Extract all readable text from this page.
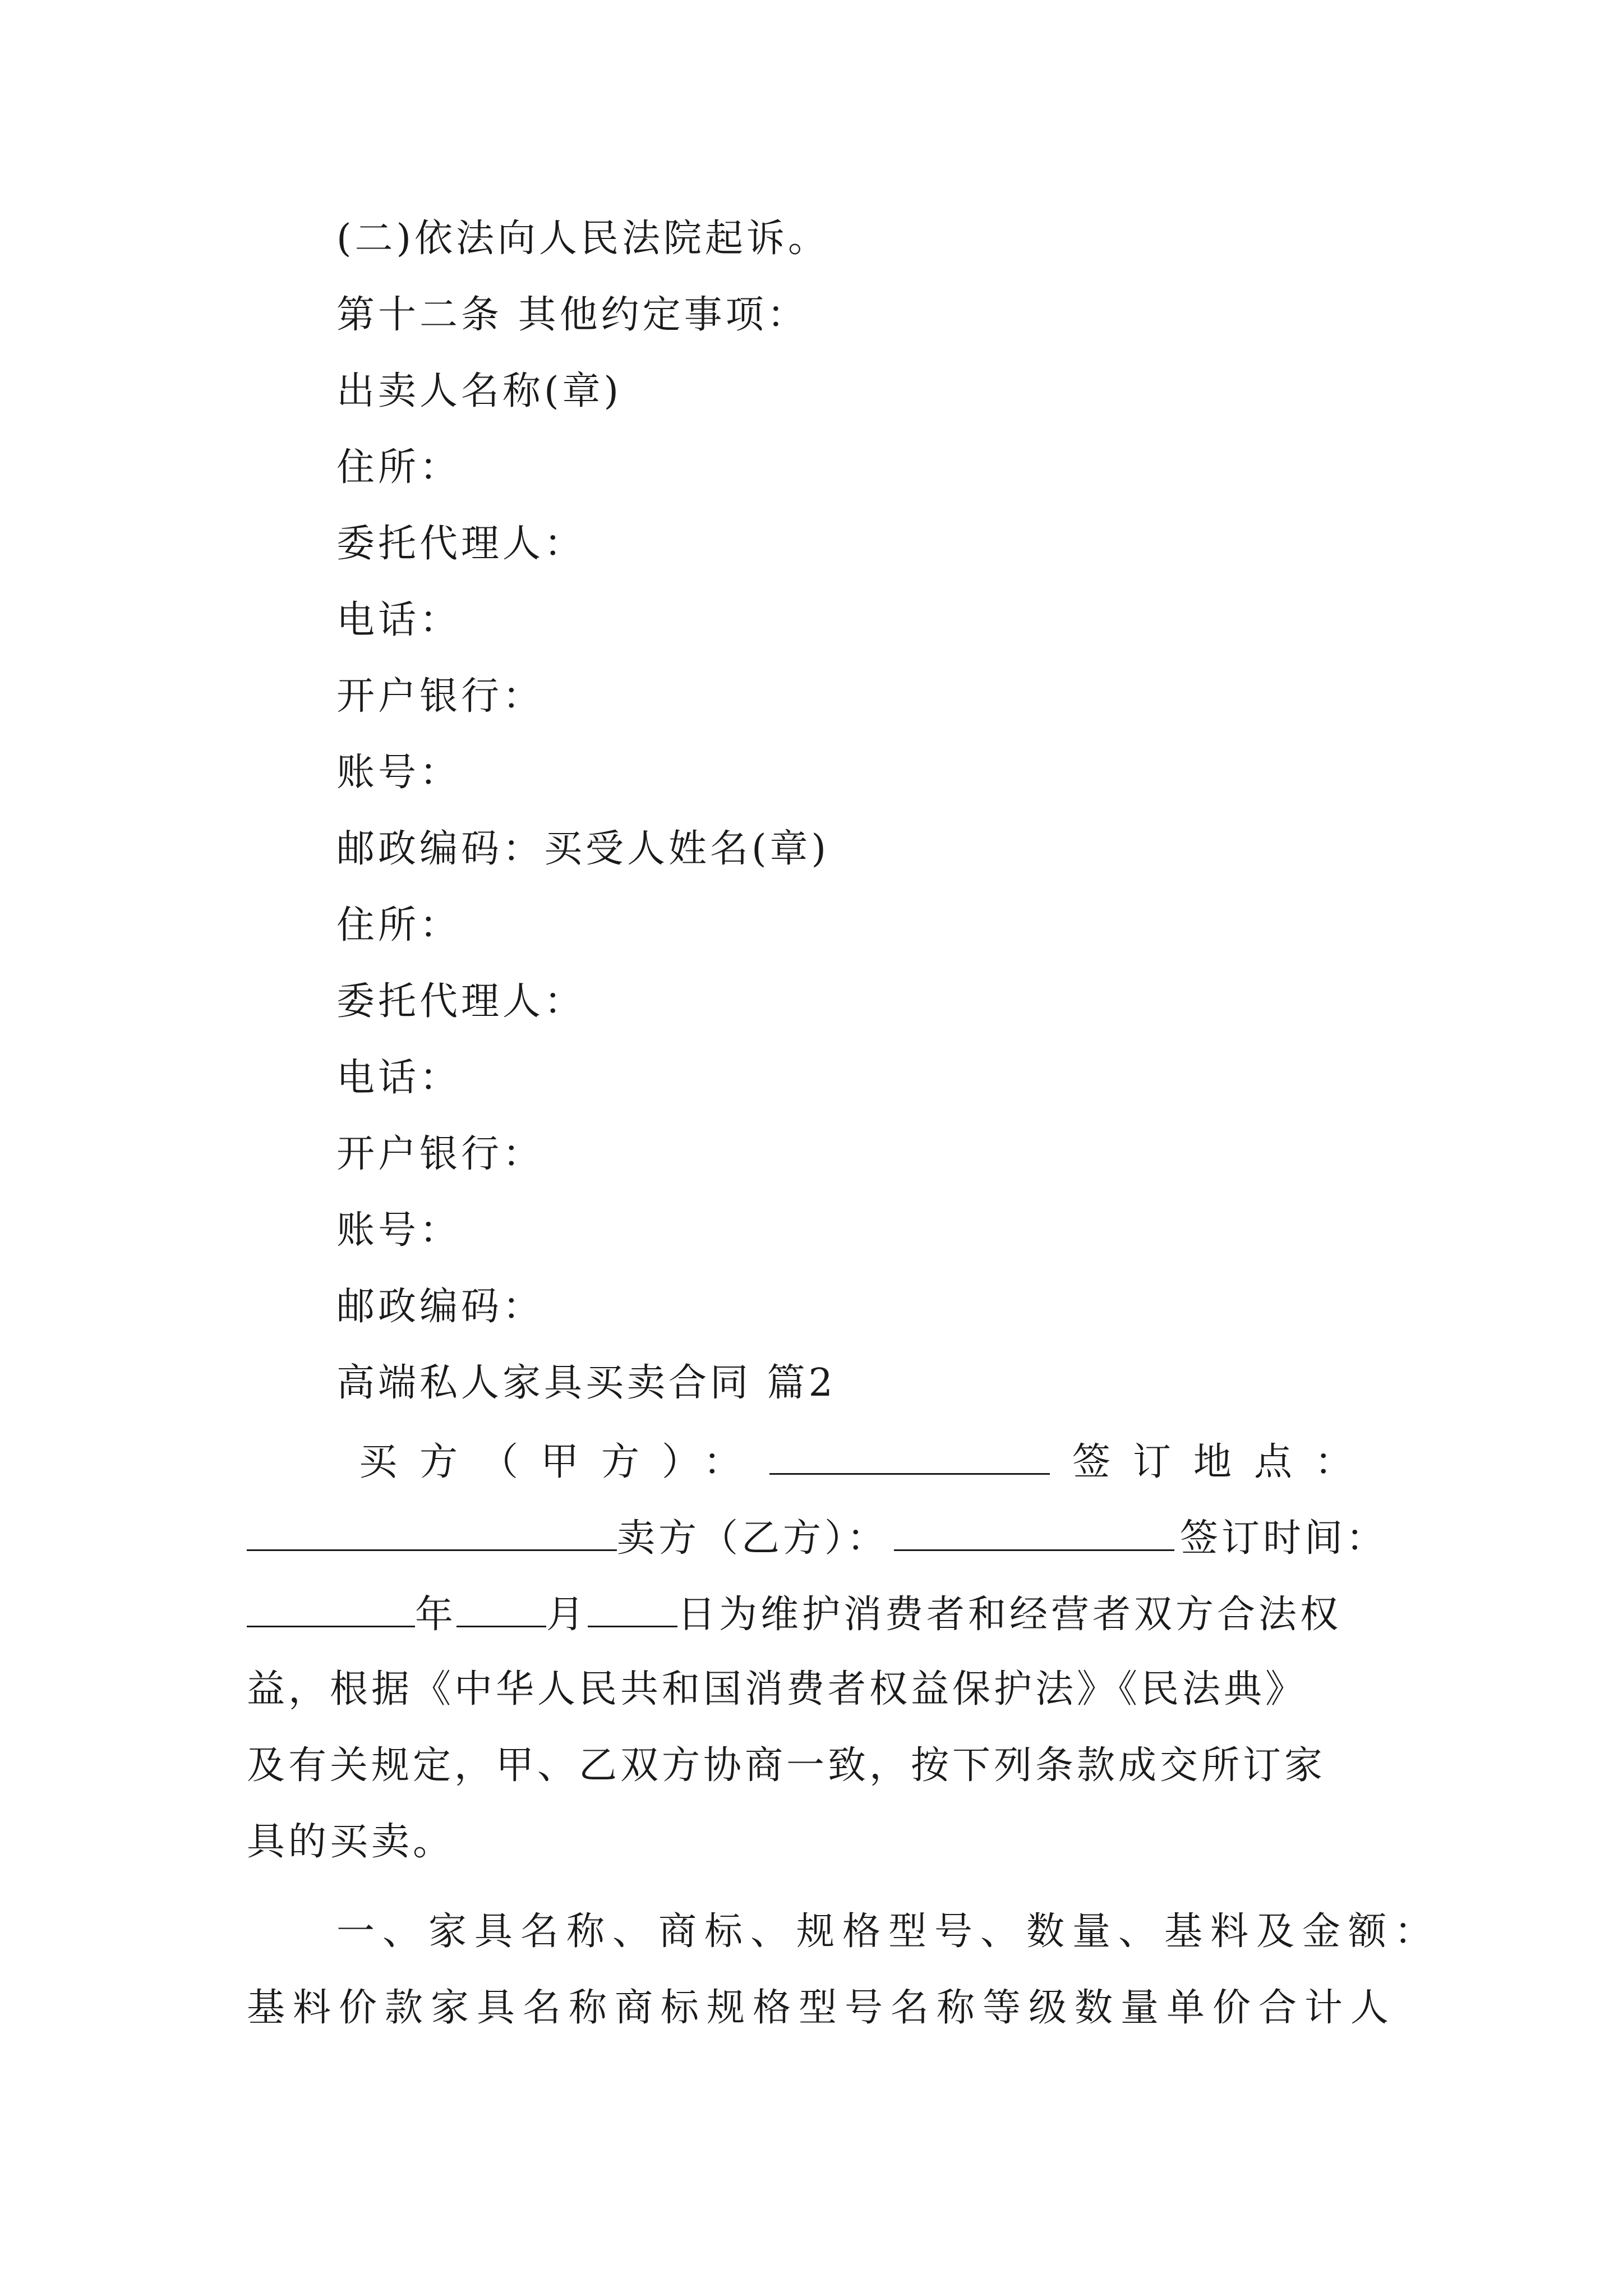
(二)依法向人民法院起诉。
第十二条 其他约定事项：
出卖人名称(章)
住所：
委托代理人：
电话：
开户银行：
账号：
邮政编码：买受人姓名(章)
住所：
委托代理人：
电话：
开户银行：
账号：
邮政编码：
高端私人家具买卖合同 篇2
买方（甲方）：	签订地点：
卖方（乙方）：	签订时间：
年 月 日为维护消费者和经营者双方合法权
益，根据《中华人民共和国消费者权益保护法》《民法典》
及有关规定，甲、乙双方协商一致，按下列条款成交所订家
具的买卖。
一、家具名称、商标、规格型号、数量、基料及金额：
基料价款家具名称商标规格型号名称等级数量单价合计人
